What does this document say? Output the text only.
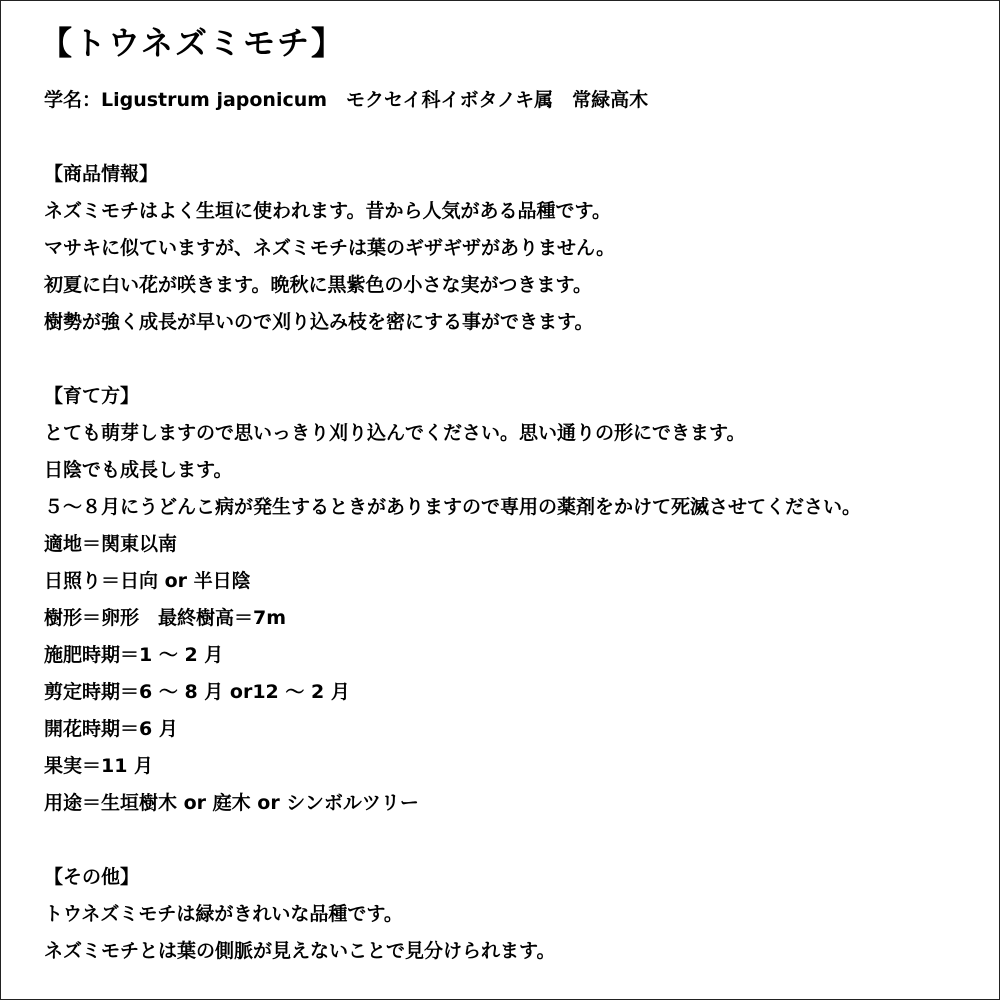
【トウネズミモチ】
学名：Ligustrum japonicum　モクセイ科イボタノキ属　常緑高木
【商品情報】
ネズミモチはよく生垣に使われます。昔から人気がある品種です。
マサキに似ていますが、ネズミモチは葉のギザギザがありません。
初夏に白い花が咲きます。晩秋に黒紫色の小さな実がつきます。
樹勢が強く成長が早いので刈り込み枝を密にする事ができます。
【育て方】
とても萌芽しますので思いっきり刈り込んでください。思い通りの形にできます。
日陰でも成長します。
５～８月にうどんこ病が発生するときがありますので専用の薬剤をかけて死滅させてください。
適地＝関東以南
日照り＝日向 or 半日陰
樹形＝卵形　最終樹高＝7m
施肥時期＝1 ～ 2 月
剪定時期＝6 ～ 8 月 or12 ～ 2 月
開花時期＝6 月
果実＝11 月
用途＝生垣樹木 or 庭木 or シンボルツリー
【その他】
トウネズミモチは緑がきれいな品種です。
ネズミモチとは葉の側脈が見えないことで見分けられます。
